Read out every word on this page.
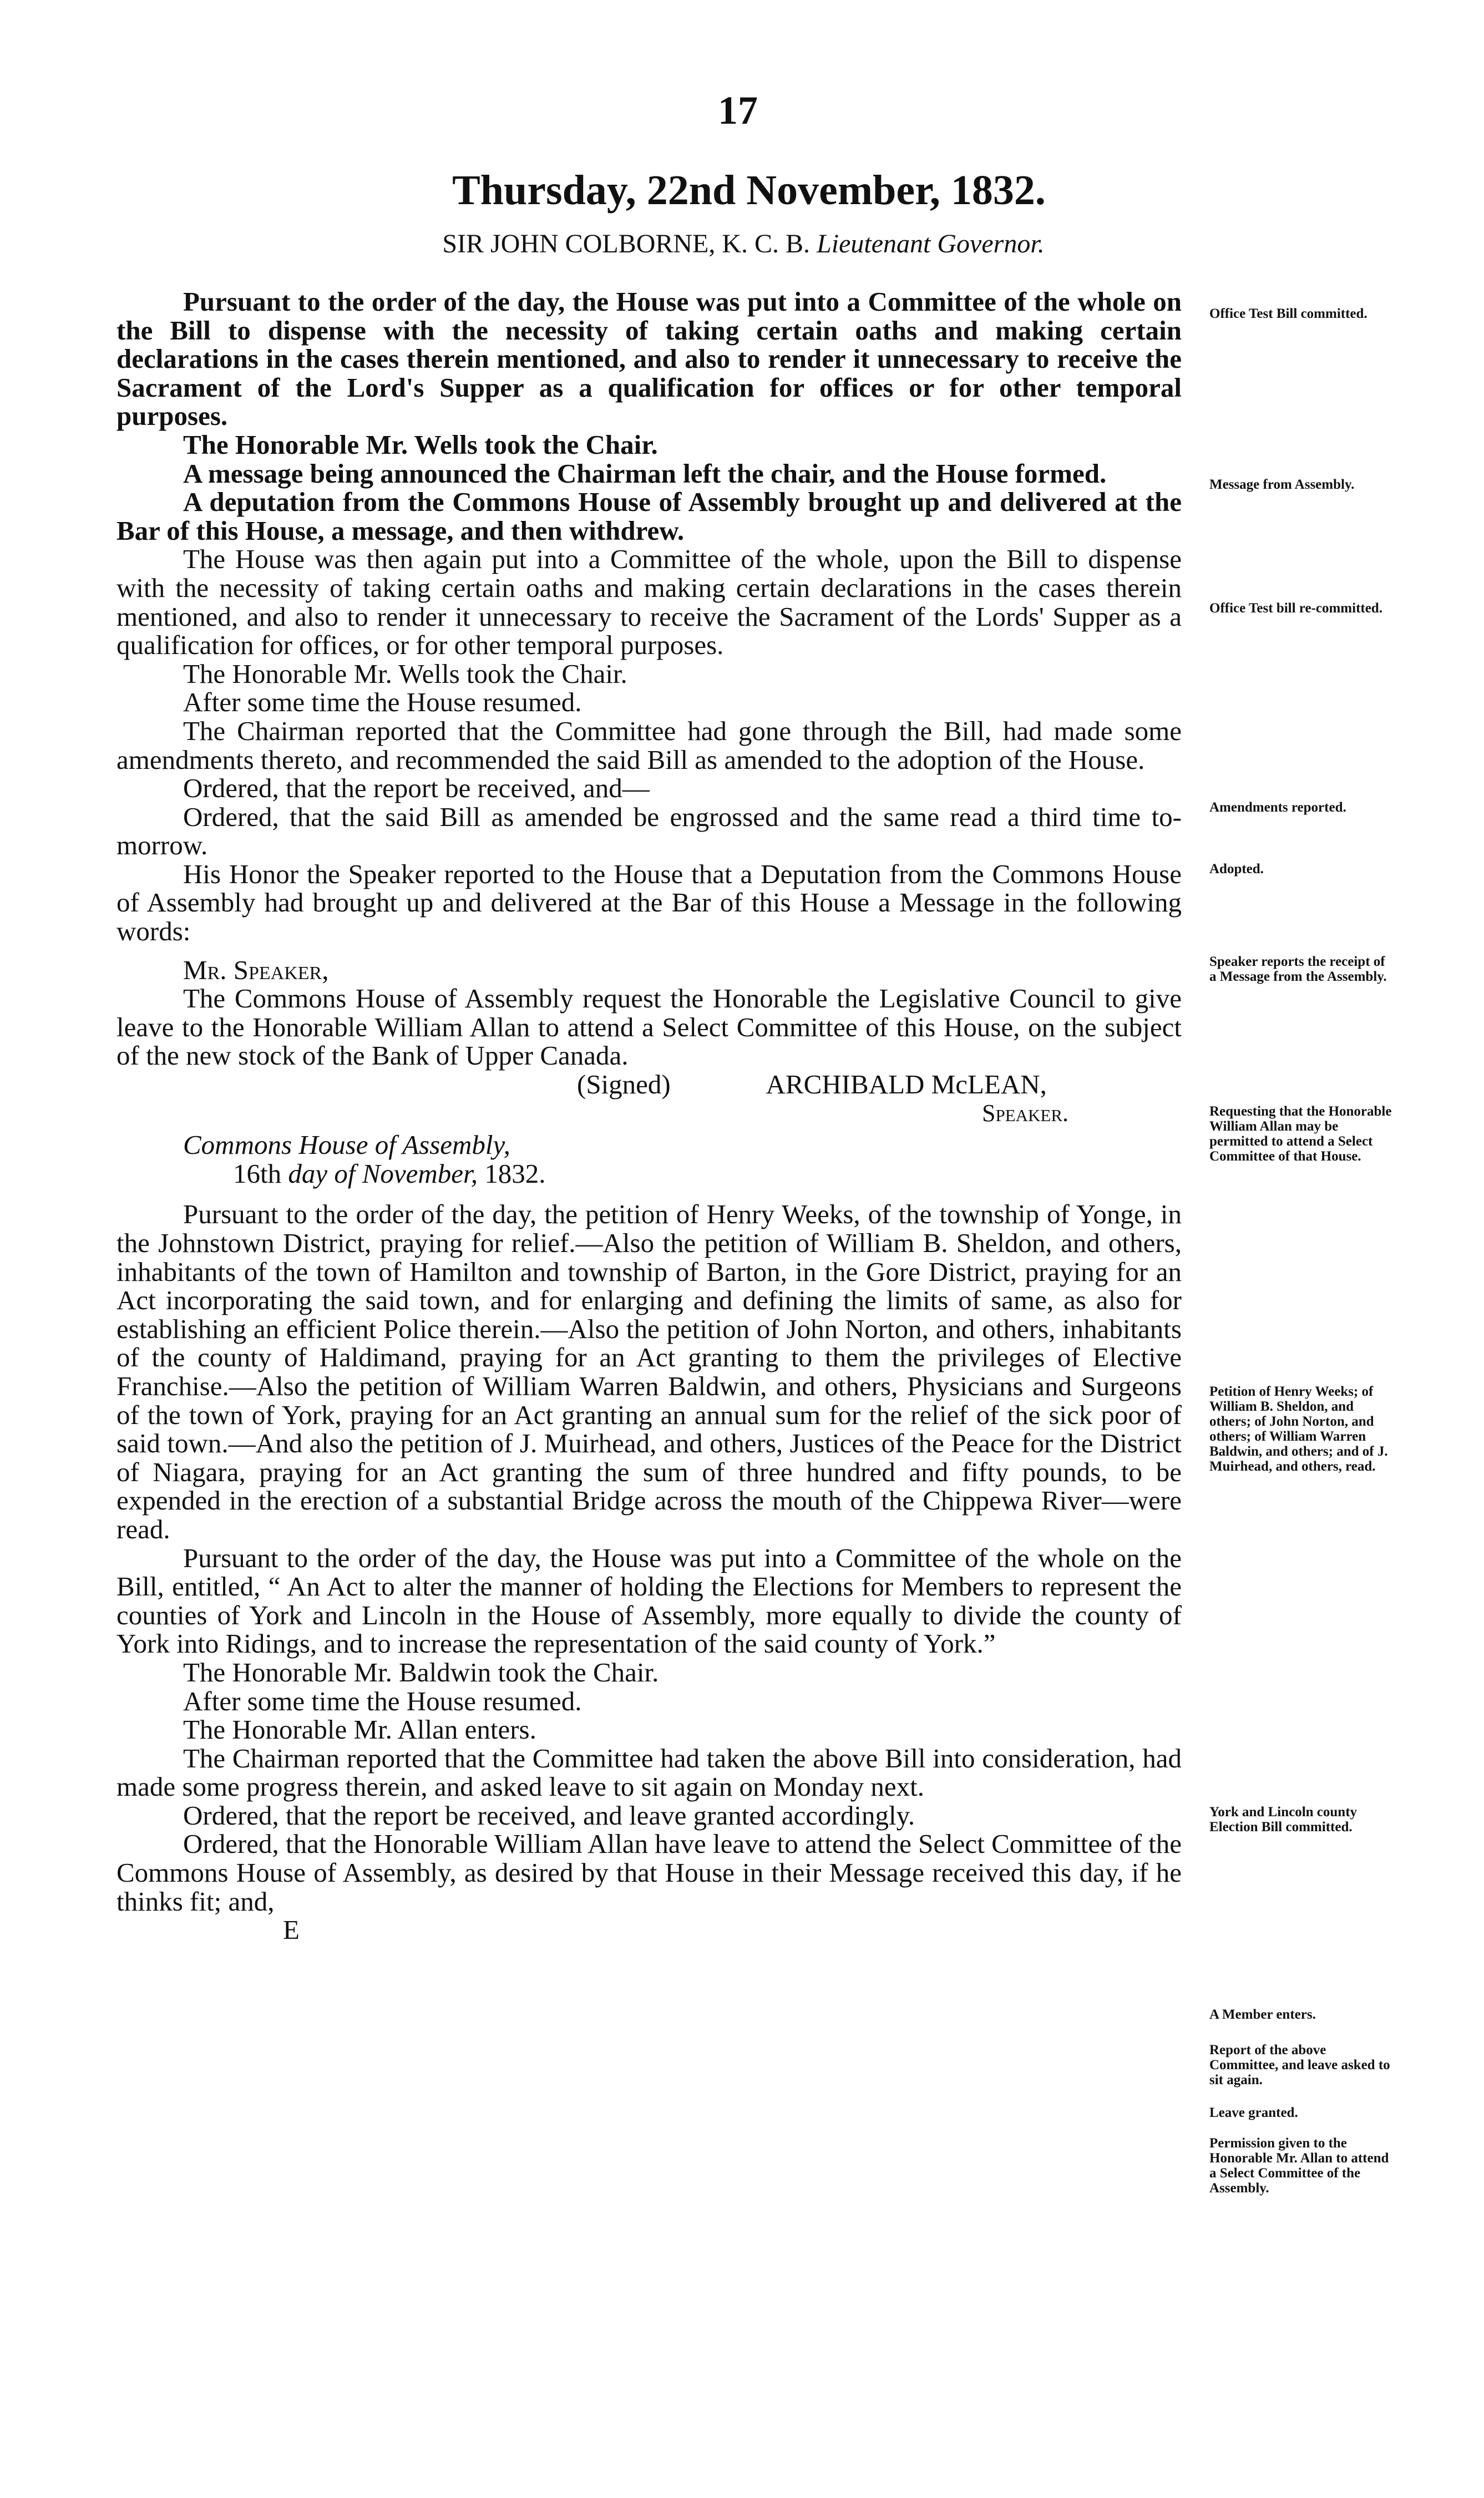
17
Thursday, 22nd November, 1832.
SIR JOHN COLBORNE, K. C. B. Lieutenant Governor.

Pursuant to the order of the day, the House was put into a Committee of the whole on the Bill to dispense with the necessity of taking certain oaths and making certain declarations in the cases therein mentioned, and also to render it unnecessary to receive the Sacrament of the Lord's Supper as a qualification for offices or for other temporal purposes.

The Honorable Mr. Wells took the Chair.

A message being announced the Chairman left the chair, and the House formed.

A deputation from the Commons House of Assembly brought up and delivered at the Bar of this House, a message, and then withdrew.

The House was then again put into a Committee of the whole, upon the Bill to dispense with the necessity of taking certain oaths and making certain declarations in the cases therein mentioned, and also to render it unnecessary to receive the Sacrament of the Lords' Supper as a qualification for offices, or for other temporal purposes.

The Honorable Mr. Wells took the Chair.

After some time the House resumed.

The Chairman reported that the Committee had gone through the Bill, had made some amendments thereto, and recommended the said Bill as amended to the adoption of the House.

Ordered, that the report be received, and—

Ordered, that the said Bill as amended be engrossed and the same read a third time to-morrow.

His Honor the Speaker reported to the House that a Deputation from the Commons House of Assembly had brought up and delivered at the Bar of this House a Message in the following words:

Mr. Speaker,

The Commons House of Assembly request the Honorable the Legislative Council to give leave to the Honorable William Allan to attend a Select Committee of this House, on the subject of the new stock of the Bank of Upper Canada.

(Signed)	ARCHIBALD McLEAN,

Speaker.

Commons House of Assembly,

16th day of November, 1832.

Pursuant to the order of the day, the petition of Henry Weeks, of the township of Yonge, in the Johnstown District, praying for relief.—Also the petition of William B. Sheldon, and others, inhabitants of the town of Hamilton and township of Barton, in the Gore District, praying for an Act incorporating the said town, and for enlarging and defining the limits of same, as also for establishing an efficient Police therein.—Also the petition of John Norton, and others, inhabitants of the county of Haldimand, praying for an Act granting to them the privileges of Elective Franchise.—Also the petition of William Warren Baldwin, and others, Physicians and Surgeons of the town of York, praying for an Act granting an annual sum for the relief of the sick poor of said town.—And also the petition of J. Muirhead, and others, Justices of the Peace for the District of Niagara, praying for an Act granting the sum of three hundred and fifty pounds, to be expended in the erection of a substantial Bridge across the mouth of the Chippewa River—were read.

Pursuant to the order of the day, the House was put into a Committee of the whole on the Bill, entitled, “ An Act to alter the manner of holding the Elections for Members to represent the counties of York and Lincoln in the House of Assembly, more equally to divide the county of York into Ridings, and to increase the representation of the said county of York.”

The Honorable Mr. Baldwin took the Chair.

After some time the House resumed.

The Honorable Mr. Allan enters.

The Chairman reported that the Committee had taken the above Bill into consideration, had made some progress therein, and asked leave to sit again on Monday next.

Ordered, that the report be received, and leave granted accordingly.

Ordered, that the Honorable William Allan have leave to attend the Select Committee of the Commons House of Assembly, as desired by that House in their Message received this day, if he thinks fit; and,

E

Office Test Bill committed.
Message from Assembly.
Office Test bill re-committed.
Amendments reported.
Adopted.
Speaker reports the receipt of a Message from the Assembly.
Requesting that the Honorable William Allan may be permitted to attend a Select Committee of that House.
Petition of Henry Weeks; of William B. Sheldon, and others; of John Norton, and others; of William Warren Baldwin, and others; and of J. Muirhead, and others, read.
York and Lincoln county Election Bill committed.
A Member enters.
Report of the above Committee, and leave asked to sit again.
Leave granted.
Permission given to the Honorable Mr. Allan to attend a Select Committee of the Assembly.
